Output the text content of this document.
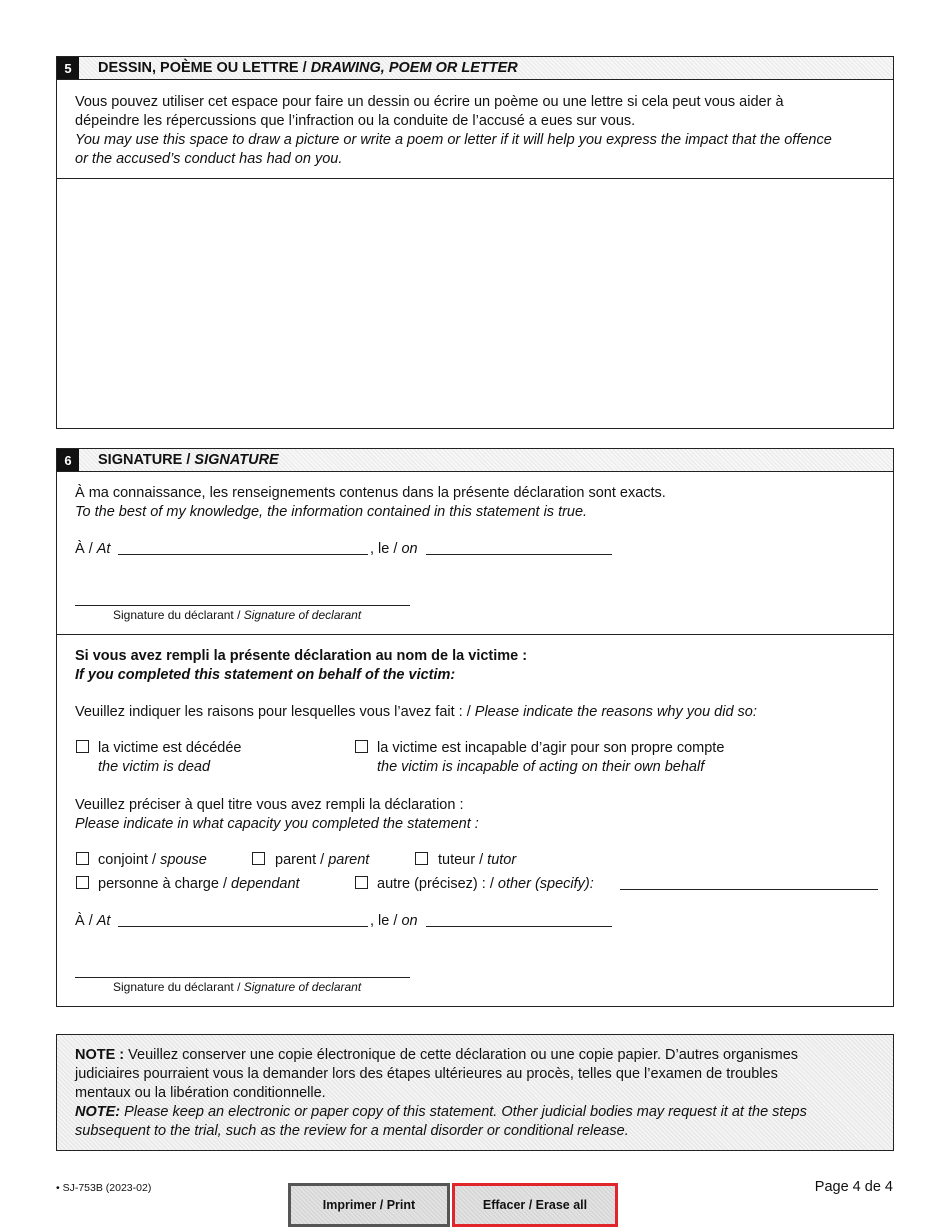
5	DESSIN, POÈME OU LETTRE / DRAWING, POEM OR LETTER
Vous pouvez utiliser cet espace pour faire un dessin ou écrire un poème ou une lettre si cela peut vous aider à
dépeindre les répercussions que l’infraction ou la conduite de l’accusé a eues sur vous.
You may use this space to draw a picture or write a poem or letter if it will help you express the impact that the offence
or the accused’s conduct has had on you.
6	SIGNATURE / SIGNATURE
À ma connaissance, les renseignements contenus dans la présente déclaration sont exacts.
To the best of my knowledge, the information contained in this statement is true.
À / At	, le / on
Signature du déclarant / Signature of declarant
Si vous avez rempli la présente déclaration au nom de la victime :
If you completed this statement on behalf of the victim:
Veuillez indiquer les raisons pour lesquelles vous l’avez fait : / Please indicate the reasons why you did so:
la victime est décédée
the victim is dead
la victime est incapable d’agir pour son propre compte
the victim is incapable of acting on their own behalf
Veuillez préciser à quel titre vous avez rempli la déclaration :
Please indicate in what capacity you completed the statement :
conjoint / spouse	parent / parent	tuteur / tutor
personne à charge / dependant	autre (précisez) : / other (specify):
À / At	, le / on
Signature du déclarant / Signature of declarant
NOTE : Veuillez conserver une copie électronique de cette déclaration ou une copie papier. D’autres organismes
judiciaires pourraient vous la demander lors des étapes ultérieures au procès, telles que l’examen de troubles
mentaux ou la libération conditionnelle.
NOTE: Please keep an electronic or paper copy of this statement. Other judicial bodies may request it at the steps
subsequent to the trial, such as the review for a mental disorder or conditional release.
• SJ-753B (2023-02)	Page 4 de 4
Imprimer / Print	Effacer / Erase all
